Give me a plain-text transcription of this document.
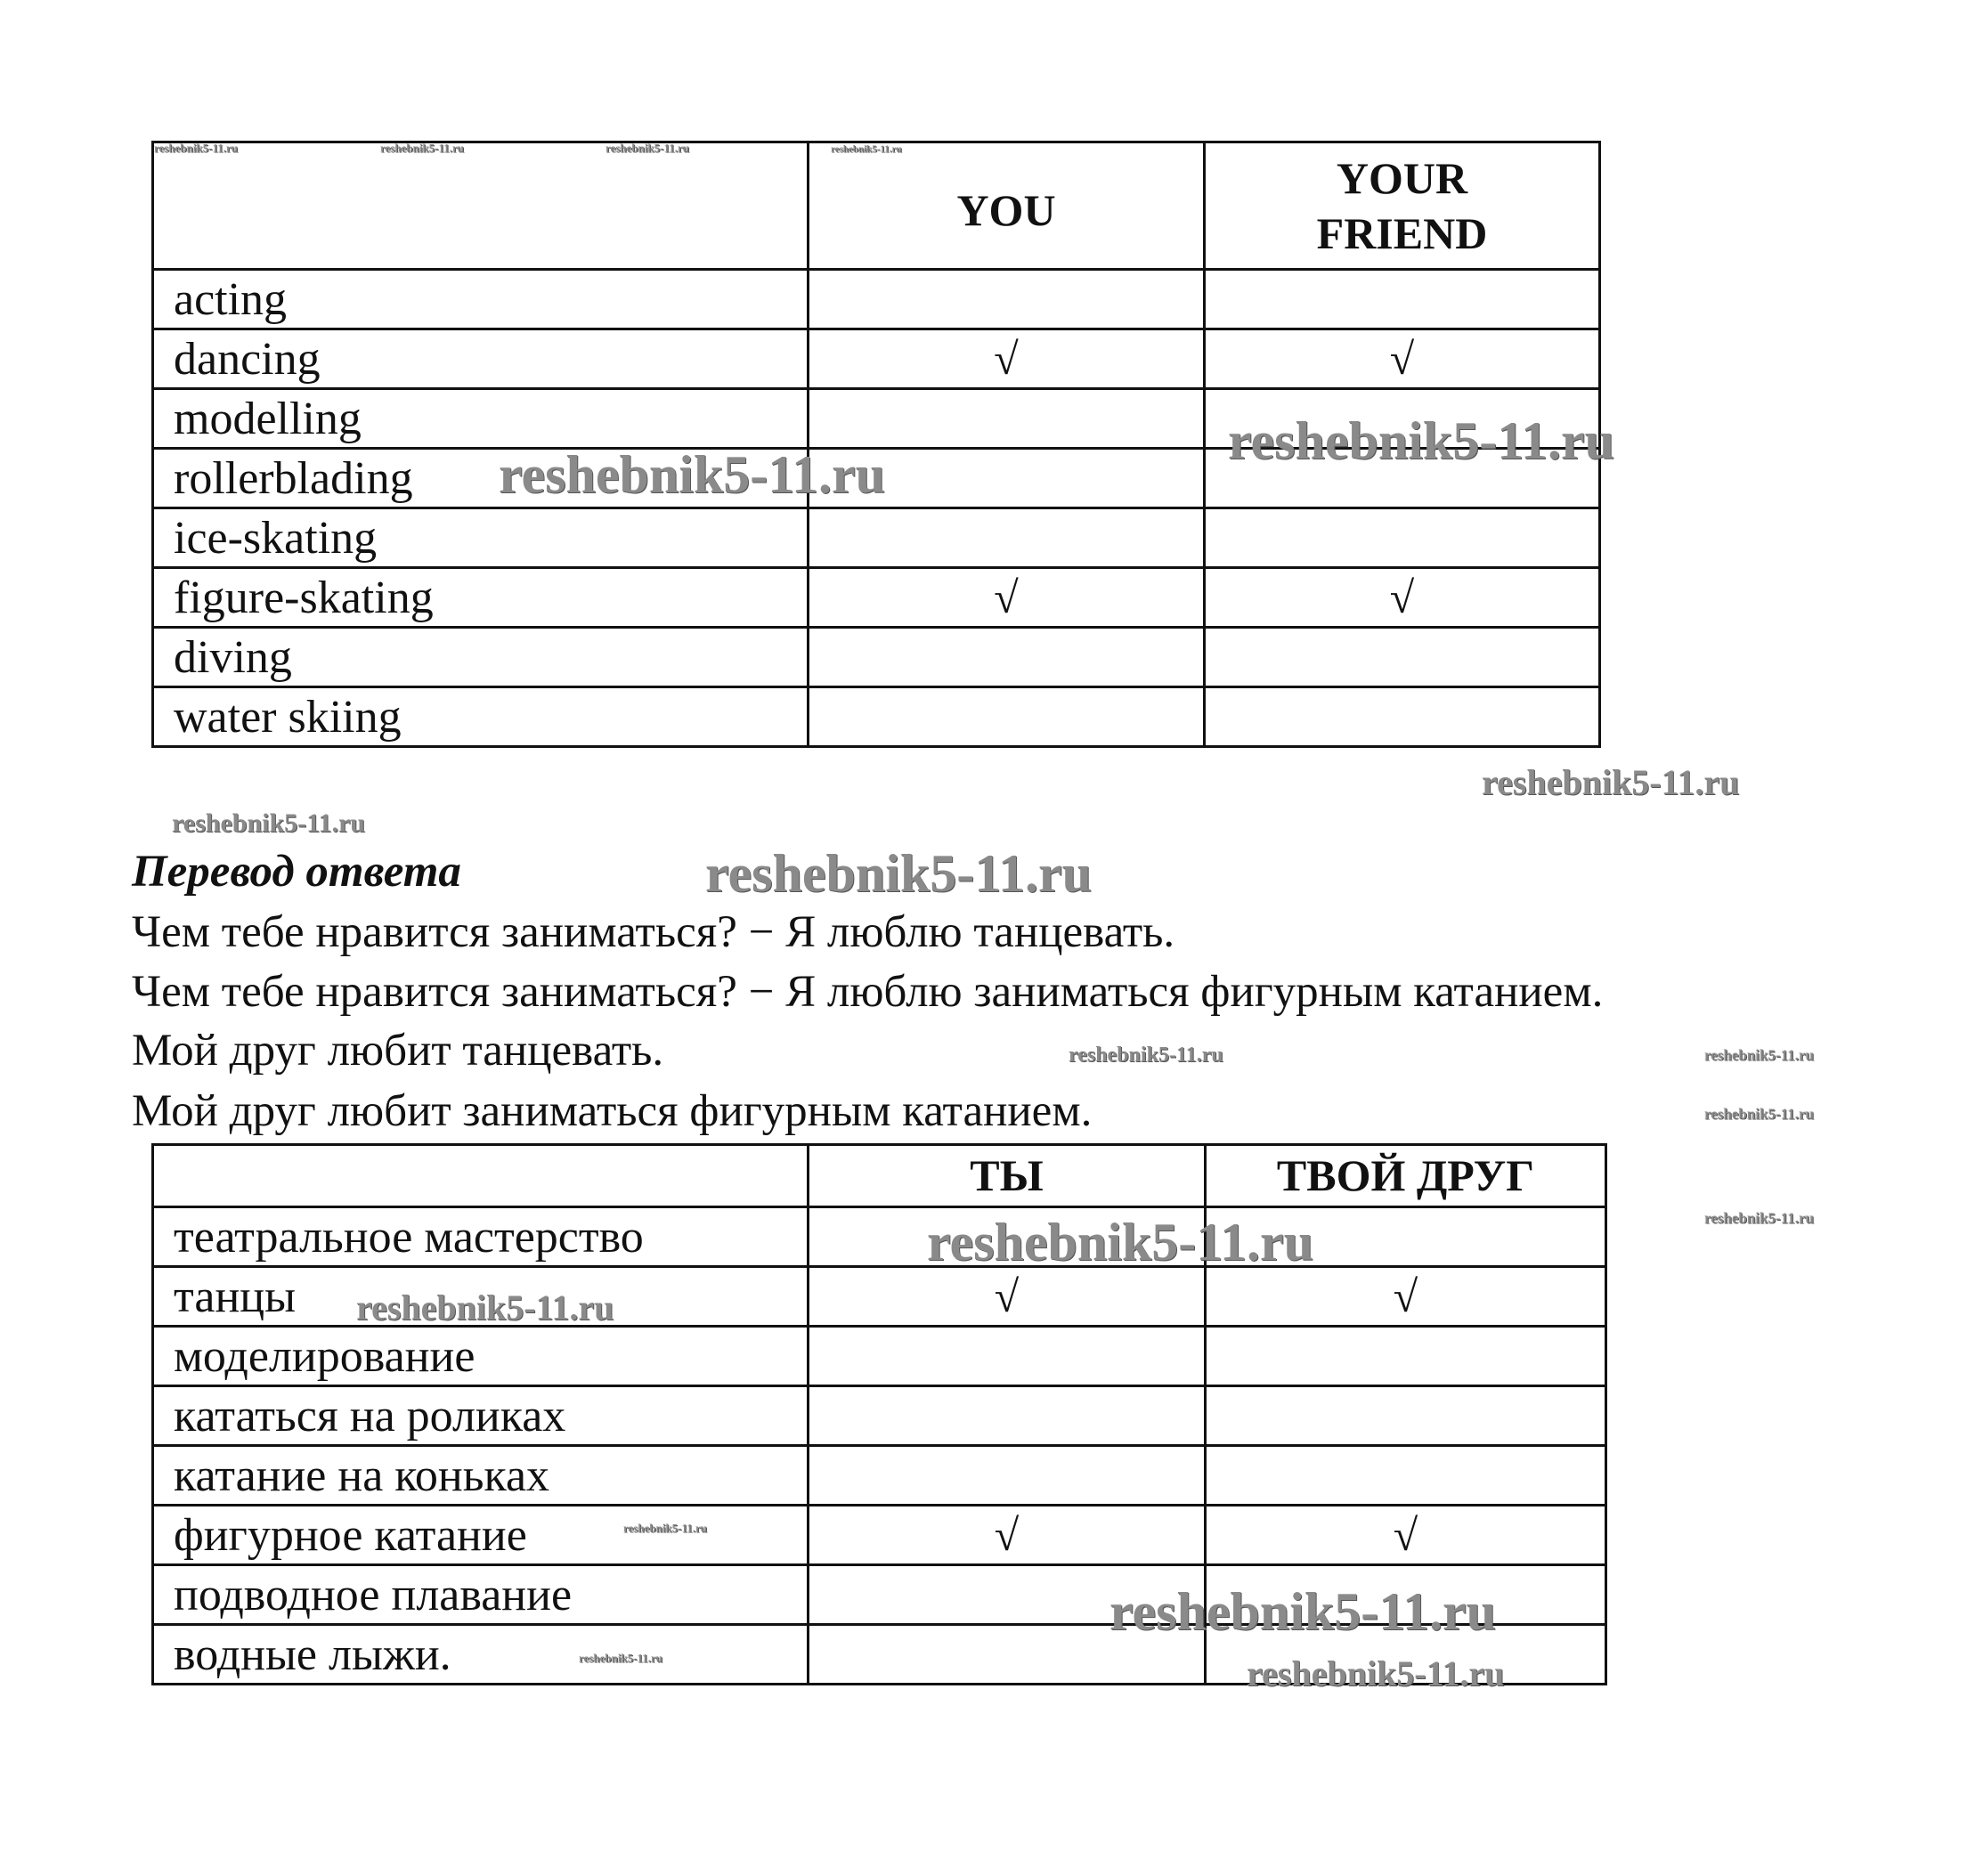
	YOU	YOUR FRIEND
acting		
dancing	√	√
modelling		
rollerblading		
ice-skating		
figure-skating	√	√
diving		
water skiing		
Перевод ответа
Чем тебе нравится заниматься? − Я люблю танцевать.
Чем тебе нравится заниматься? − Я люблю заниматься фигурным катанием.
Мой друг любит танцевать.
Мой друг любит заниматься фигурным катанием.
	ТЫ	ТВОЙ ДРУГ
театральное мастерство		
танцы	√	√
моделирование		
кататься на роликах		
катание на коньках		
фигурное катание	√	√
подводное плавание		
водные лыжи.		
reshebnik5-11.ru	reshebnik5-11.ru	reshebnik5-11.ru	reshebnik5-11.ru
reshebnik5-11.ru
reshebnik5-11.ru
reshebnik5-11.ru
reshebnik5-11.ru
reshebnik5-11.ru
reshebnik5-11.ru	reshebnik5-11.ru
reshebnik5-11.ru
reshebnik5-11.ru
reshebnik5-11.ru
reshebnik5-11.ru
reshebnik5-11.ru
reshebnik5-11.ru
reshebnik5-11.ru	reshebnik5-11.ru
